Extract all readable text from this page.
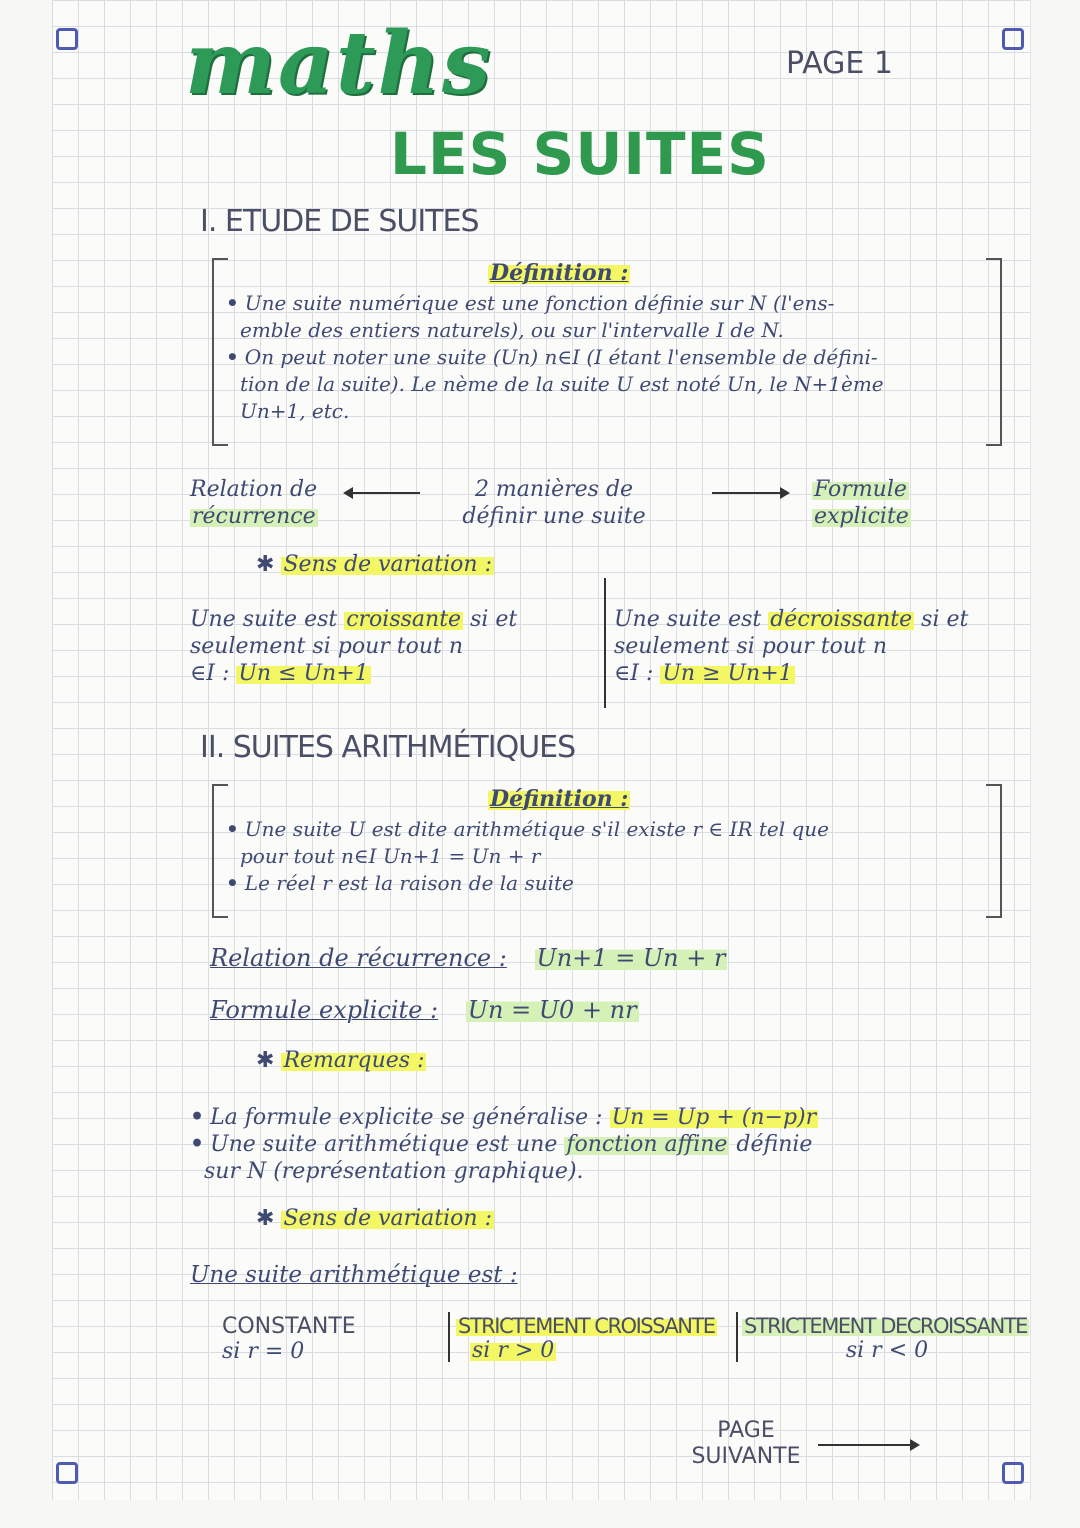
maths	PAGE 1
LES SUITES
I. ETUDE DE SUITES
Définition :
• Une suite numérique est une fonction définie sur N (l'ens-
emble des entiers naturels), ou sur l'intervalle I de N.
• On peut noter une suite (Un) n∈I (I étant l'ensemble de défini-
tion de la suite). Le nème de la suite U est noté Un, le N+1ème
Un+1, etc.
Relation de
récurrence
2 manières de
définir une suite
Formule
explicite
✱ Sens de variation :
Une suite est croissante si et
seulement si pour tout n
∈I : Un ≤ Un+1
Une suite est décroissante si et
seulement si pour tout n
∈I : Un ≥ Un+1
II. SUITES ARITHMÉTIQUES
Définition :
• Une suite U est dite arithmétique s'il existe r ∈ IR tel que
pour tout n∈I Un+1 = Un + r
• Le réel r est la raison de la suite
Relation de récurrence : Un+1 = Un + r
Formule explicite : Un = U0 + nr
✱ Remarques :
• La formule explicite se généralise : Un = Up + (n−p)r
• Une suite arithmétique est une fonction affine définie
sur N (représentation graphique).
✱ Sens de variation :
Une suite arithmétique est :
CONSTANTE
si r = 0
STRICTEMENT CROISSANTE
si r > 0
STRICTEMENT DECROISSANTE
si r < 0
PAGE
SUIVANTE
